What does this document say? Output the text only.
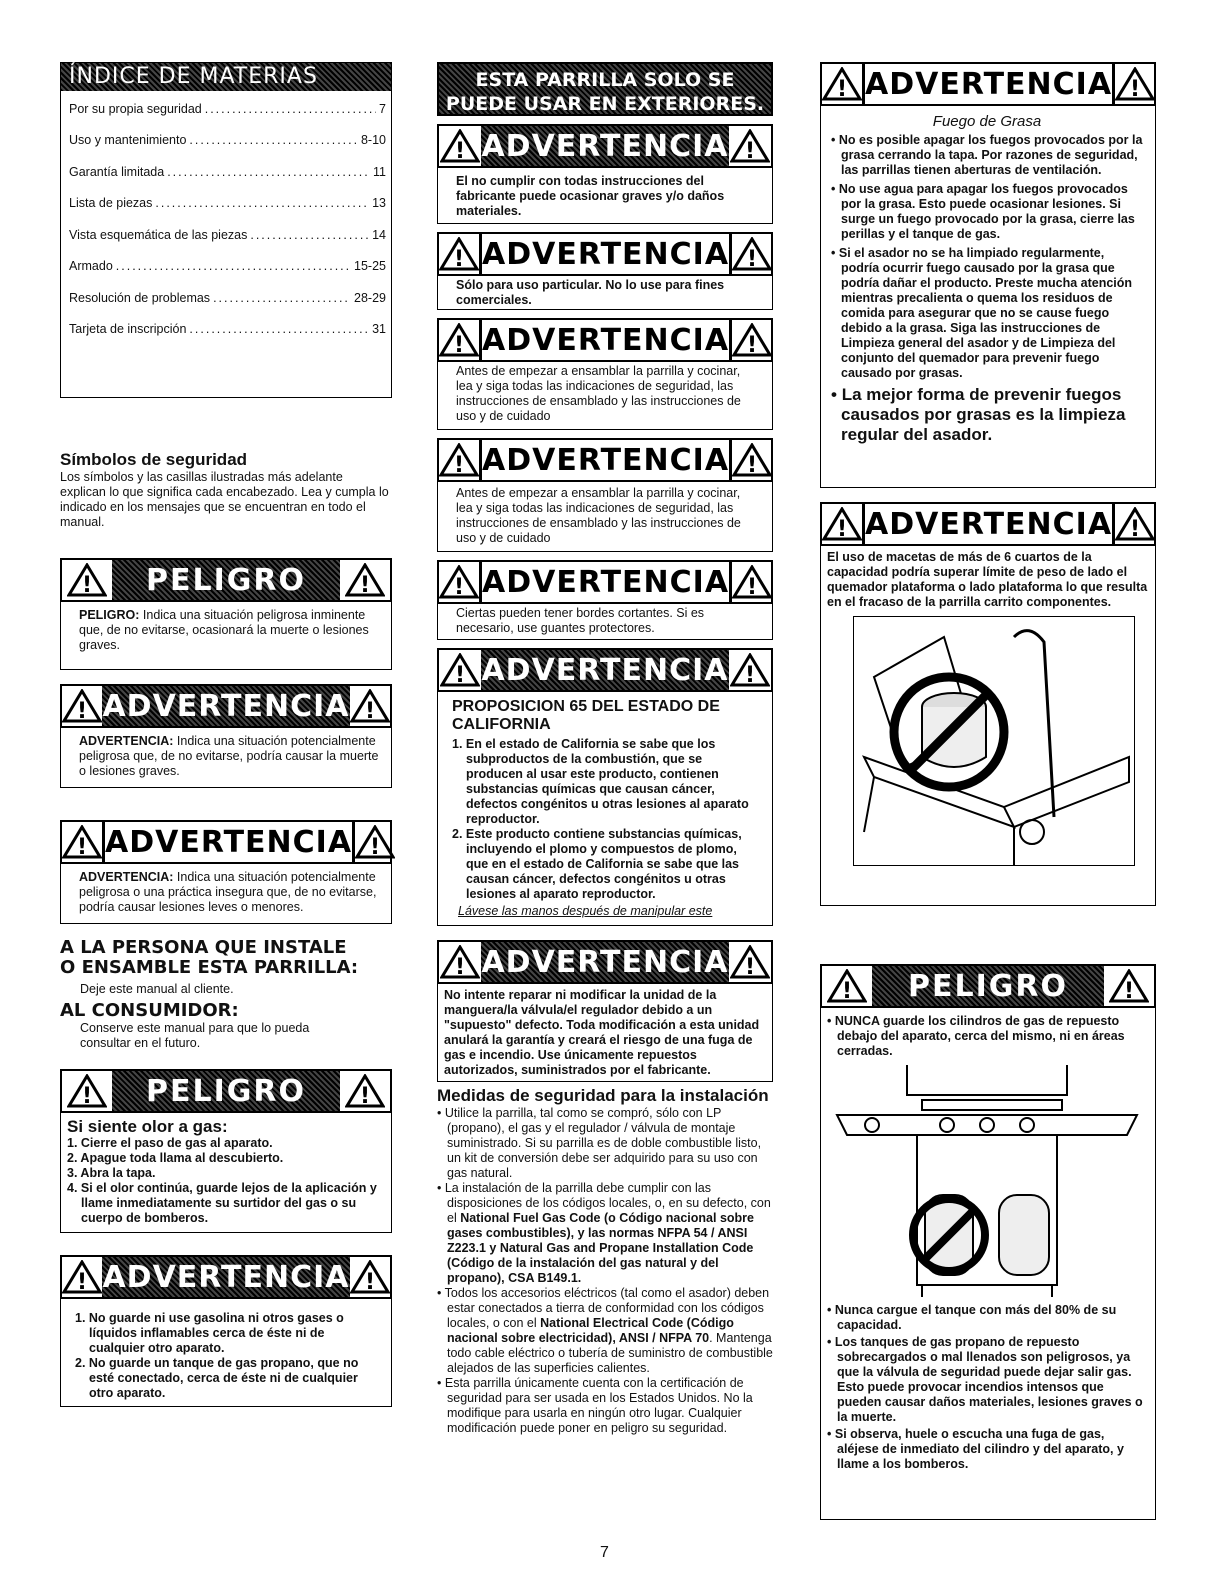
ÍNDICE DE MATERIAS
Por su propia seguridad .....	7
Uso y mantenimiento .....	8-10
Garantía limitada .....	11
Lista de piezas .....	13
Vista esquemática de las piezas .....	14
Armado .....	15-25
Resolución de problemas .....	28-29
Tarjeta de inscripción .....	31
Símbolos de seguridad
Los símbolos y las casillas ilustradas más adelante explican lo que significa cada encabezado. Lea y cumpla lo indicado en los mensajes que se encuentran en todo el manual.
!	PELIGRO	!
PELIGRO: Indica una situación peligrosa inminente que, de no evitarse, ocasionará la muerte o lesiones graves.
! ADVERTENCIA !
ADVERTENCIA: Indica una situación potencialmente peligrosa que, de no evitarse, podría causar la muerte o lesiones graves.
! ADVERTENCIA !
ADVERTENCIA: Indica una situación potencialmente peligrosa o una práctica insegura que, de no evitarse, podría causar lesiones leves o menores.
A LA PERSONA QUE INSTALE
O ENSAMBLE ESTA PARRILLA:
Deje este manual al cliente.
AL CONSUMIDOR:
Conserve este manual para que lo pueda consultar en el futuro.
!	PELIGRO	!
Si siente olor a gas:
1. Cierre el paso de gas al aparato.
2. Apague toda llama al descubierto.
3. Abra la tapa.
4. Si el olor continúa, guarde lejos de la aplicación y llame inmediatamente su surtidor del gas o su cuerpo de bomberos.
! ADVERTENCIA !
1. No guarde ni use gasolina ni otros gases o líquidos inflamables cerca de éste ni de cualquier otro aparato.
2. No guarde un tanque de gas propano, que no esté conectado, cerca de éste ni de cualquier otro aparato.
ESTA PARRILLA SOLO SE
PUEDE USAR EN EXTERIORES.
! ADVERTENCIA !
El no cumplir con todas instrucciones del fabricante puede ocasionar graves y/o daños materiales.
! ADVERTENCIA !
Sólo para uso particular. No lo use para fines comerciales.
! ADVERTENCIA !
Antes de empezar a ensamblar la parrilla y cocinar, lea y siga todas las indicaciones de seguridad, las instrucciones de ensamblado y las instrucciones de uso y de cuidado
! ADVERTENCIA !
Antes de empezar a ensamblar la parrilla y cocinar, lea y siga todas las indicaciones de seguridad, las instrucciones de ensamblado y las instrucciones de uso y de cuidado
! ADVERTENCIA !
Ciertas pueden tener bordes cortantes. Si es necesario, use guantes protectores.
! ADVERTENCIA !
PROPOSICION 65 DEL ESTADO DE CALIFORNIA
1. En el estado de California se sabe que los subproductos de la combustión, que se producen al usar este producto, contienen substancias químicas que causan cáncer, defectos congénitos u otras lesiones al aparato reproductor.
2. Este producto contiene substancias químicas, incluyendo el plomo y compuestos de plomo, que en el estado de California se sabe que las causan cáncer, defectos congénitos u otras lesiones al aparato reproductor.
Lávese las manos después de manipular este
! ADVERTENCIA !
No intente reparar ni modificar la unidad de la manguera/la válvula/el regulador debido a un "supuesto" defecto. Toda modificación a esta unidad anulará la garantía y creará el riesgo de una fuga de gas e incendio. Use únicamente repuestos autorizados, suministrados por el fabricante.
Medidas de seguridad para la instalación
• Utilice la parrilla, tal como se compró, sólo con LP (propano), el gas y el regulador / válvula de montaje suministrado. Si su parrilla es de doble combustible listo, un kit de conversión debe ser adquirido para su uso con gas natural.
• La instalación de la parrilla debe cumplir con las disposiciones de los códigos locales, o, en su defecto, con el National Fuel Gas Code (o Código nacional sobre gases combustibles), y las normas NFPA 54 / ANSI Z223.1 y Natural Gas and Propane Installation Code (Código de la instalación del gas natural y del propano), CSA B149.1.
• Todos los accesorios eléctricos (tal como el asador) deben estar conectados a tierra de conformidad con los códigos locales, o con el National Electrical Code (Código nacional sobre electricidad), ANSI / NFPA 70. Mantenga todo cable eléctrico o tubería de suministro de combustible alejados de las superficies calientes.
• Esta parrilla únicamente cuenta con la certificación de seguridad para ser usada en los Estados Unidos. No la modifique para usarla en ningún otro lugar. Cualquier modificación puede poner en peligro su seguridad.
! ADVERTENCIA !
Fuego de Grasa
• No es posible apagar los fuegos provocados por la grasa cerrando la tapa. Por razones de seguridad, las parrillas tienen aberturas de ventilación.
• No use agua para apagar los fuegos provocados por la grasa. Esto puede ocasionar lesiones. Si surge un fuego provocado por la grasa, cierre las perillas y el tanque de gas.
• Si el asador no se ha limpiado regularmente, podría ocurrir fuego causado por la grasa que podría dañar el producto. Preste mucha atención mientras precalienta o quema los residuos de comida para asegurar que no se cause fuego debido a la grasa. Siga las instrucciones de Limpieza general del asador y de Limpieza del conjunto del quemador para prevenir fuego causado por grasas.
• La mejor forma de prevenir fuegos causados por grasas es la limpieza regular del asador.
! ADVERTENCIA !
El uso de macetas de más de 6 cuartos de la capacidad podría superar límite de peso de lado el quemador plataforma o lado plataforma lo que resulta en el fracaso de la parrilla carrito componentes.
!	PELIGRO	!
• NUNCA guarde los cilindros de gas de repuesto debajo del aparato, cerca del mismo, ni en áreas cerradas.
• Nunca cargue el tanque con más del 80% de su capacidad.
• Los tanques de gas propano de repuesto sobrecargados o mal llenados son peligrosos, ya que la válvula de seguridad puede dejar salir gas. Esto puede provocar incendios intensos que pueden causar daños materiales, lesiones graves o la muerte.
• Si observa, huele o escucha una fuga de gas, aléjese de inmediato del cilindro y del aparato, y llame a los bomberos.
7
